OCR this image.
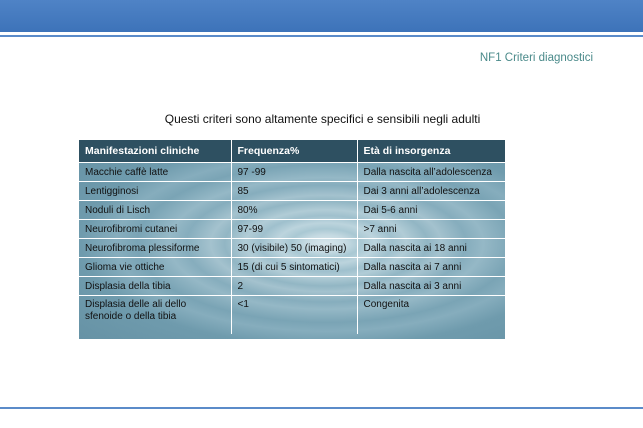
NF1 Criteri diagnostici
Questi criteri sono altamente specifici e sensibili negli adulti
Manifestazioni cliniche	Frequenza%	Età di insorgenza
Macchie caffè latte	97 -99	Dalla nascita all’adolescenza
Lentigginosi	85	Dai 3 anni all’adolescenza
Noduli di Lisch	80%	Dai 5-6 anni
Neurofibromi cutanei	97-99	>7 anni
Neurofibroma plessiforme	30 (visibile) 50 (imaging)	Dalla nascita ai 18 anni
Glioma vie ottiche	15 (di cui 5 sintomatici)	Dalla nascita ai 7 anni
Displasia della tibia	2	Dalla nascita ai 3 anni
Displasia delle ali dello sfenoide o della tibia	<1	Congenita
